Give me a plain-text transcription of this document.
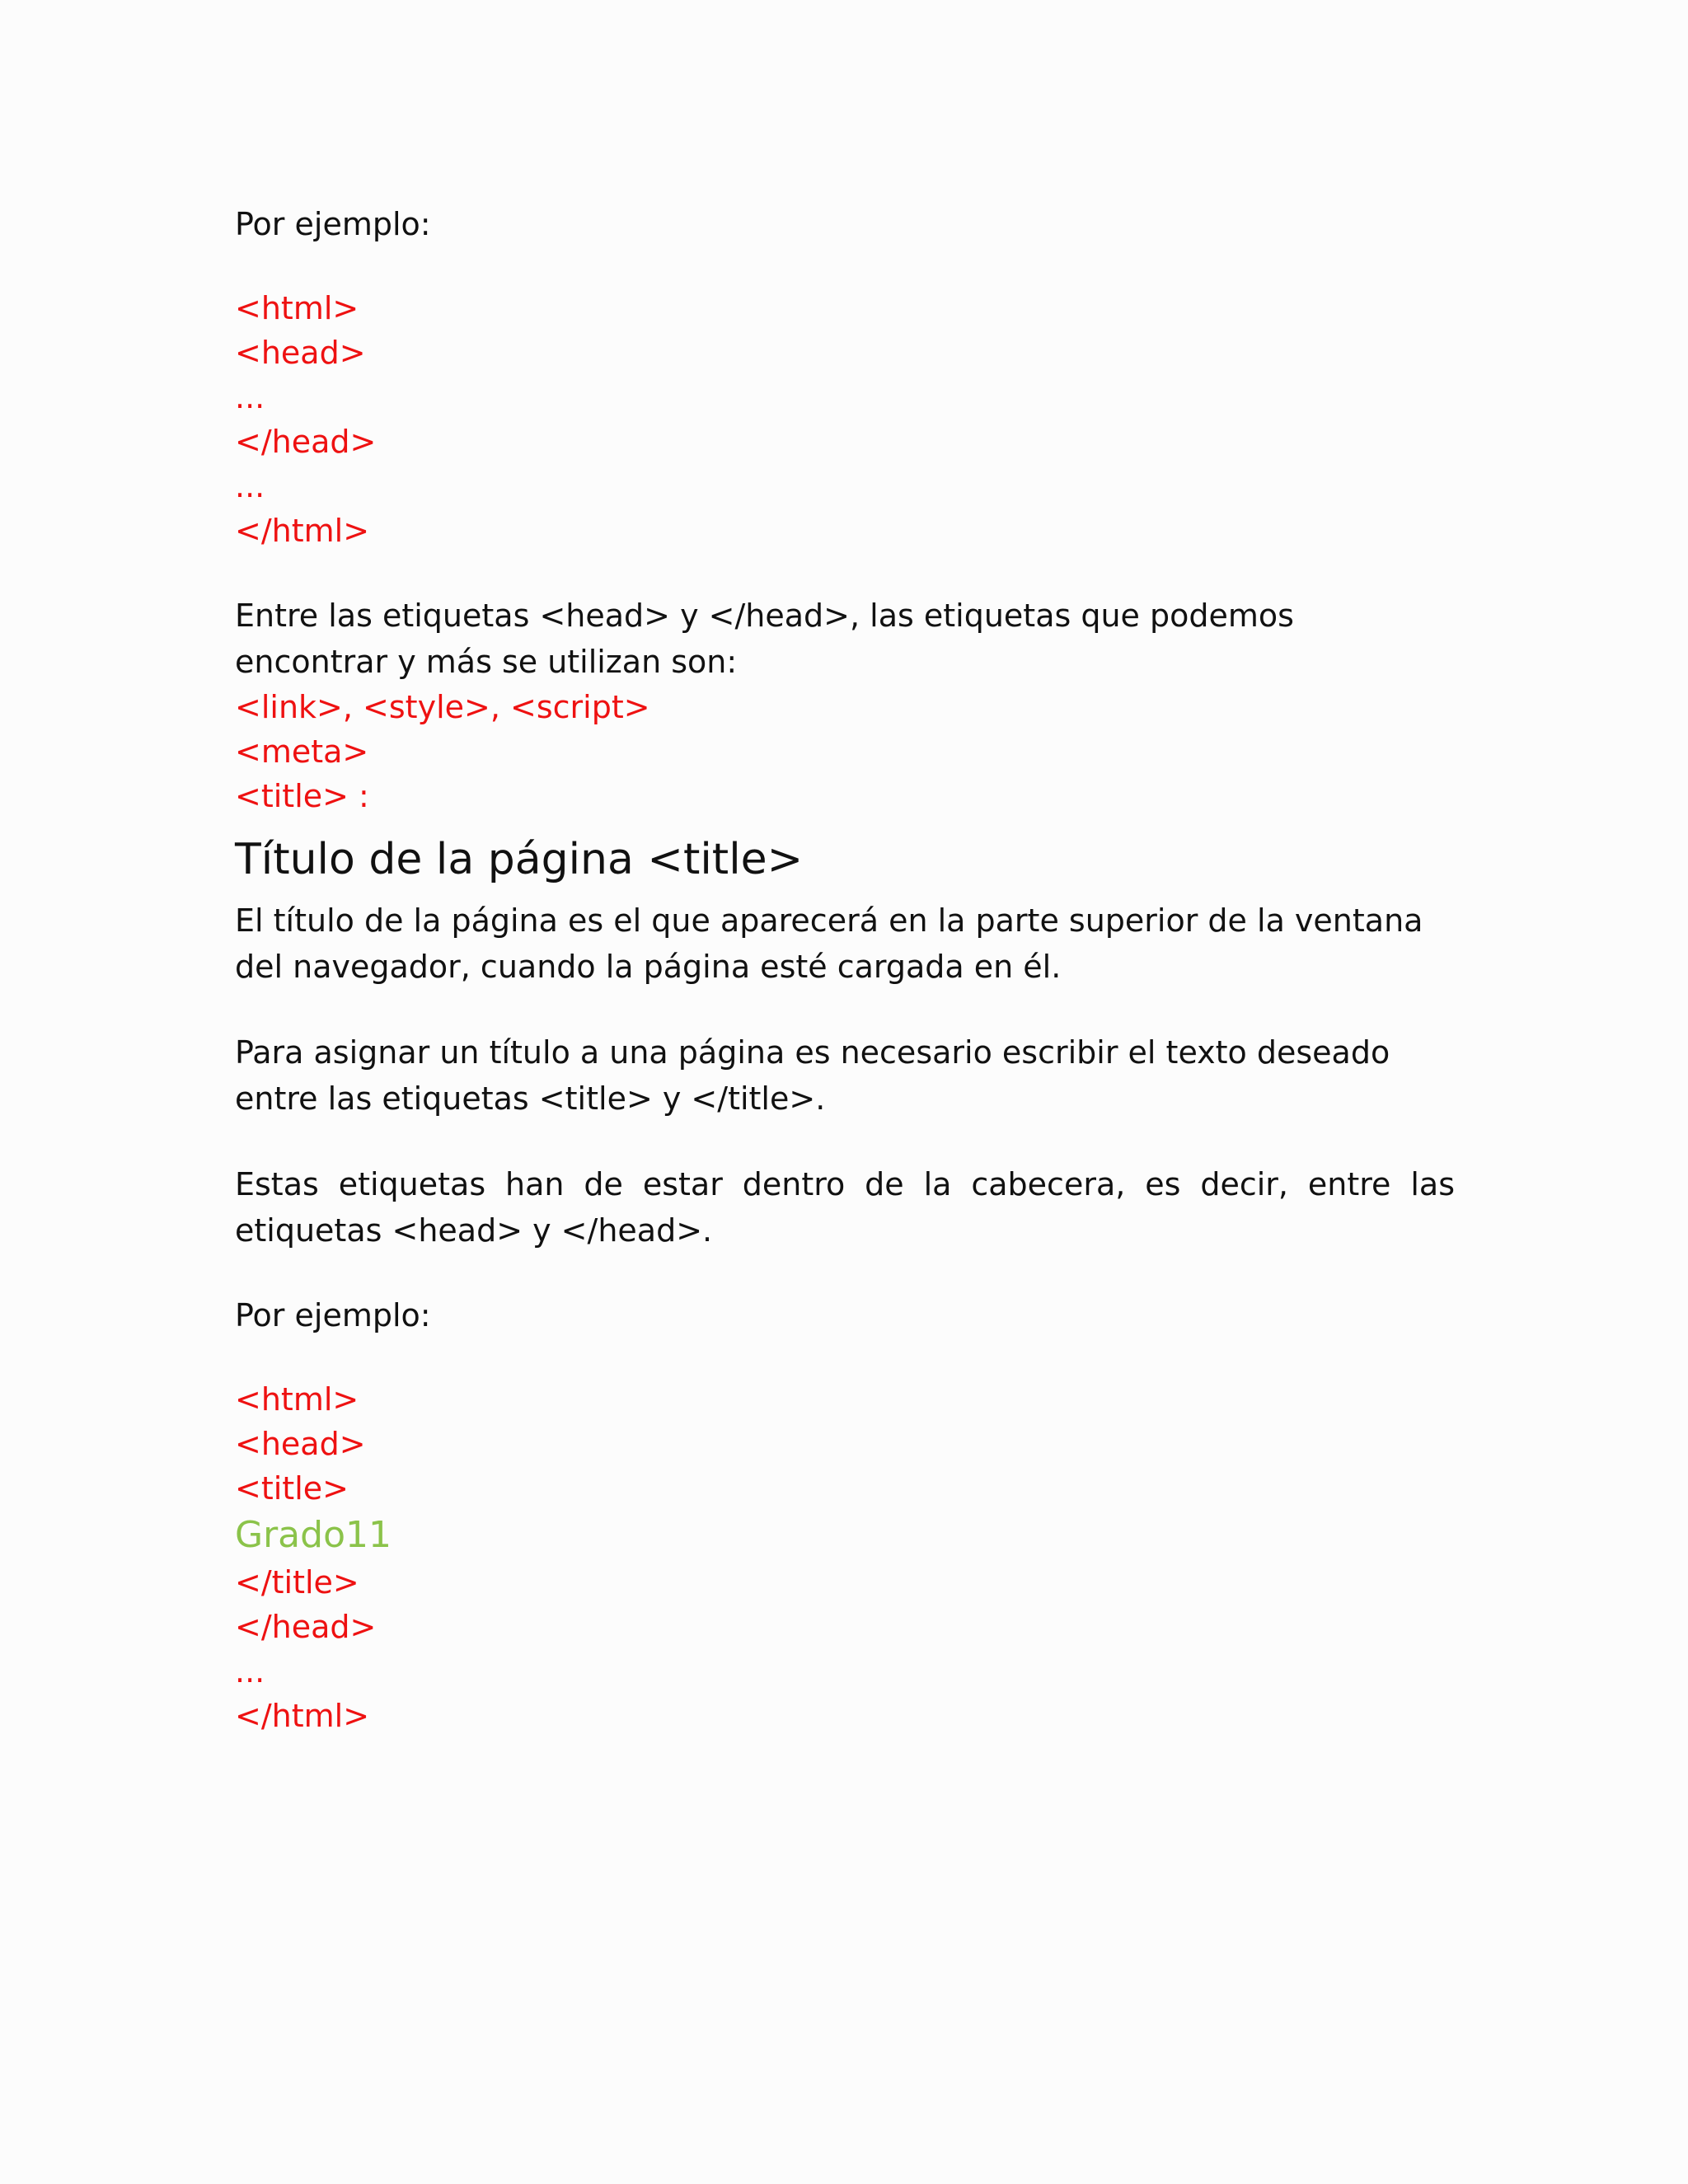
Por ejemplo:

<html>

<head>

...

</head>

...

</html>

Entre las etiquetas <head> y </head>, las etiquetas que podemos encontrar y más se utilizan son:

<link>, <style>, <script>

<meta>

<title> :

Título de la página <title>

El título de la página es el que aparecerá en la parte superior de la ventana del navegador, cuando la página esté cargada en él.

Para asignar un título a una página es necesario escribir el texto deseado entre las etiquetas <title> y </title>.

Estas etiquetas han de estar dentro de la cabecera, es decir, entre las etiquetas <head> y </head>.

Por ejemplo:

<html>

<head>

<title>

Grado11

</title>

</head>

...

</html>
